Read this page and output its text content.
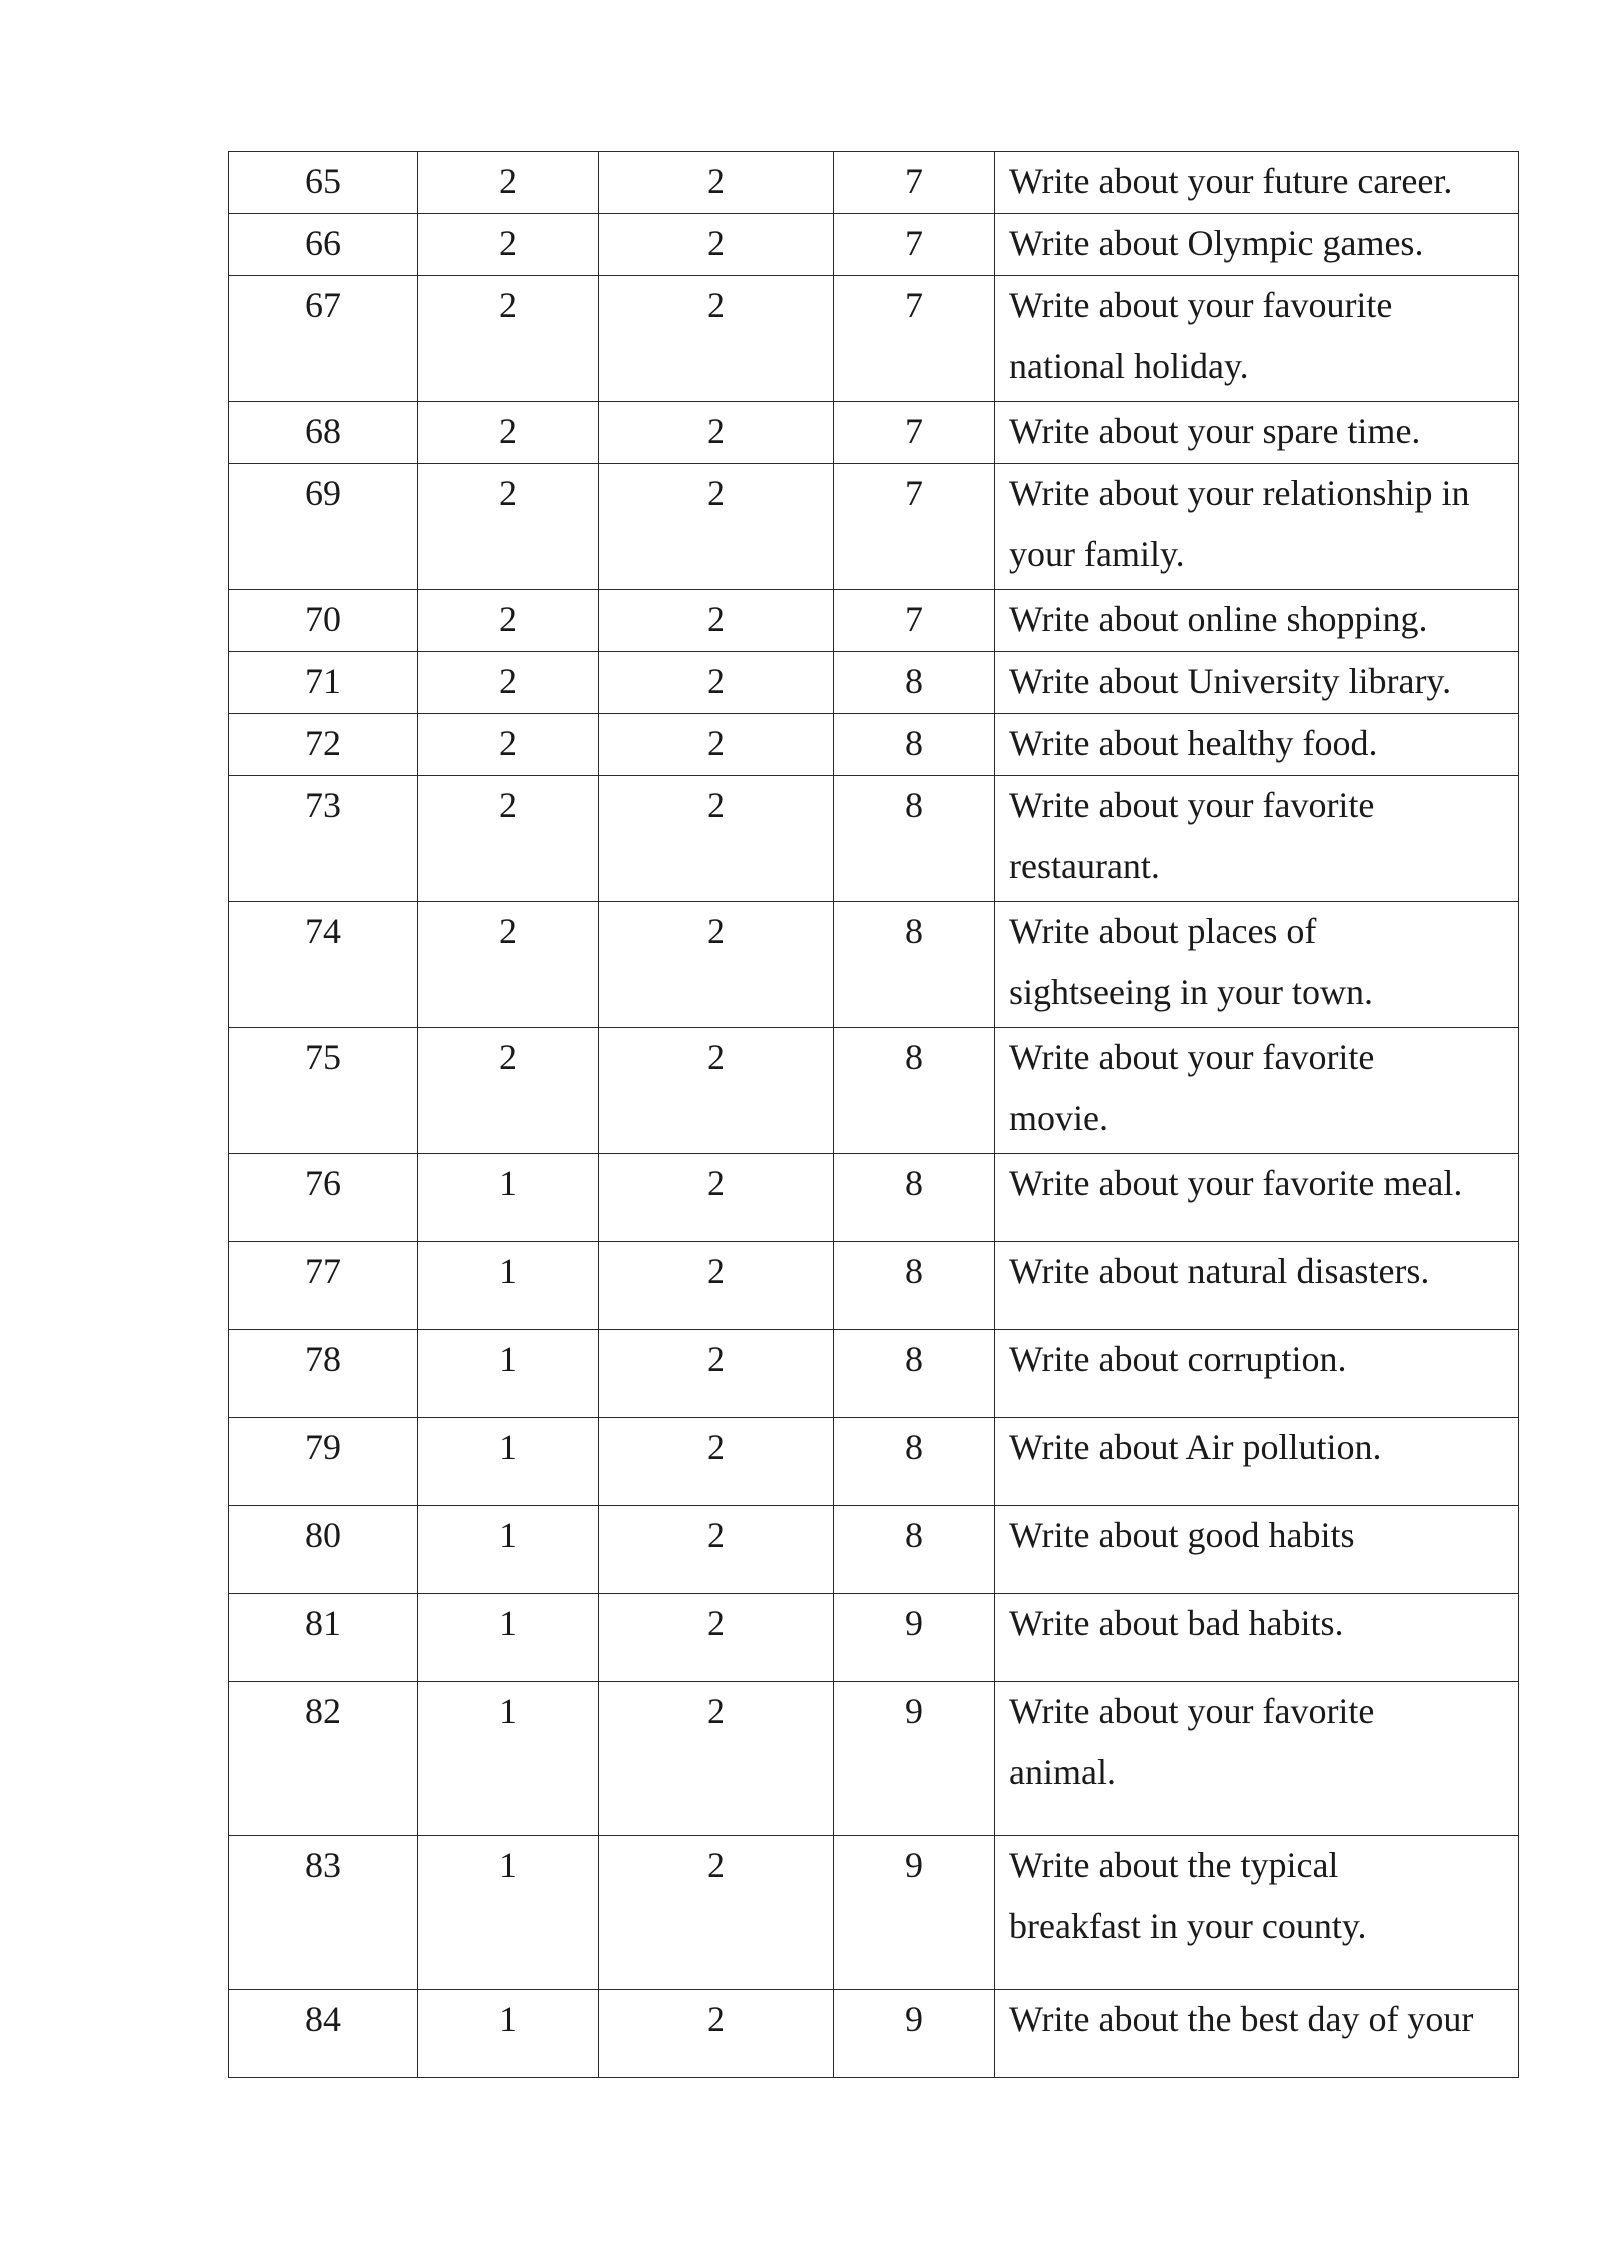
65	2	2	7	Write about your future career.

66	2	2	7	Write about Olympic games.

67	2	2	7	Write about your favourite
national holiday.

68	2	2	7	Write about your spare time.

69	2	2	7	Write about your relationship in
your family.

70	2	2	7	Write about online shopping.

71	2	2	8	Write about University library.

72	2	2	8	Write about healthy food.

73	2	2	8	Write about your favorite
restaurant.

74	2	2	8	Write about places of
sightseeing in your town.

75	2	2	8	Write about your favorite
movie.

76	1	2	8	Write about your favorite meal.

77	1	2	8	Write about natural disasters.

78	1	2	8	Write about corruption.

79	1	2	8	Write about Air pollution.

80	1	2	8	Write about good habits

81	1	2	9	Write about bad habits.

82	1	2	9	Write about your favorite
animal.

83	1	2	9	Write about the typical
breakfast in your county.

84	1	2	9	Write about the best day of your
